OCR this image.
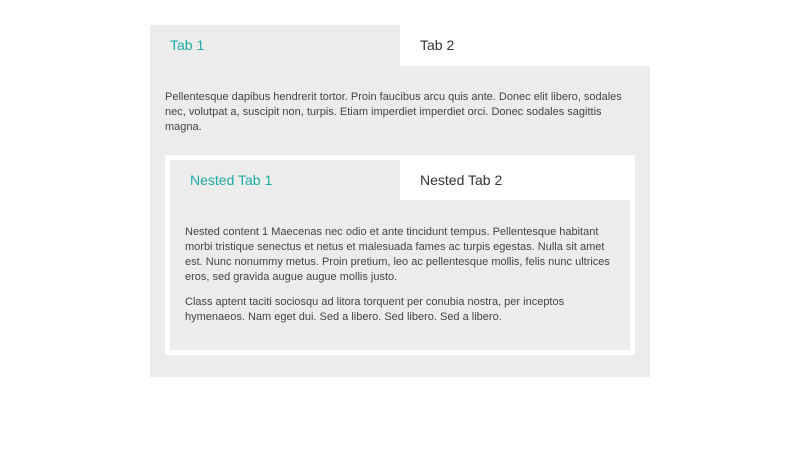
Tab 1	Tab 2

Pellentesque dapibus hendrerit tortor. Proin faucibus arcu quis ante. Donec elit libero, sodales nec, volutpat a, suscipit non, turpis. Etiam imperdiet imperdiet orci. Donec sodales sagittis magna.

Nested Tab 1	Nested Tab 2

Nested content 1 Maecenas nec odio et ante tincidunt tempus. Pellentesque habitant morbi tristique senectus et netus et malesuada fames ac turpis egestas. Nulla sit amet est. Nunc nonummy metus. Proin pretium, leo ac pellentesque mollis, felis nunc ultrices eros, sed gravida augue augue mollis justo.

Class aptent taciti sociosqu ad litora torquent per conubia nostra, per inceptos hymenaeos. Nam eget dui. Sed a libero. Sed libero. Sed a libero.
